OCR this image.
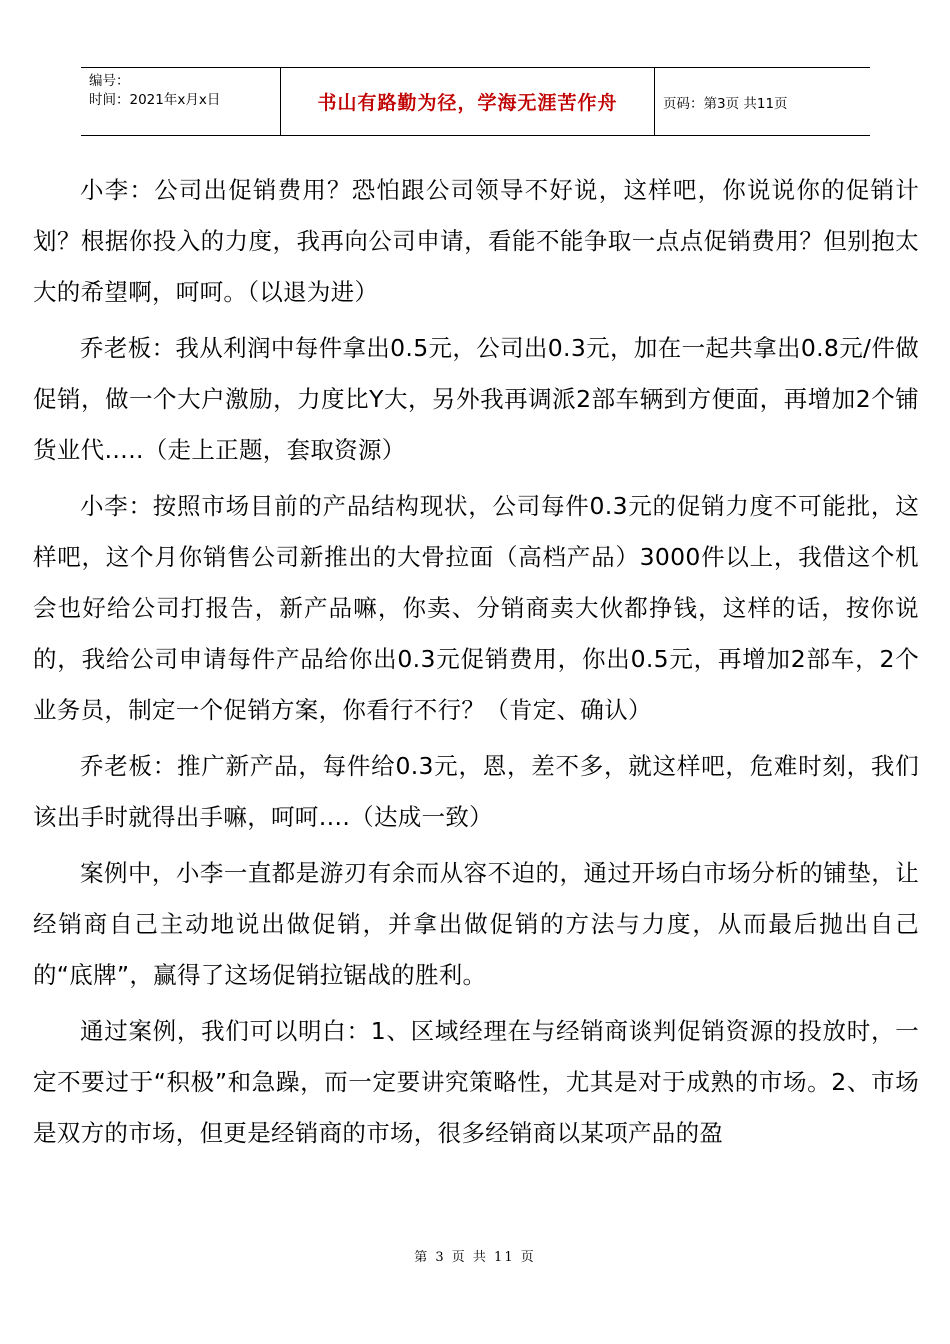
编号：
时间：2021年x月x日	书山有路勤为径，学海无涯苦作舟	页码：第3页 共11页

小李：公司出促销费用？恐怕跟公司领导不好说，这样吧，你说说你的促销计划？根据你投入的力度，我再向公司申请，看能不能争取一点点促销费用？但别抱太大的希望啊，呵呵。（以退为进）

乔老板：我从利润中每件拿出0.5元，公司出0.3元，加在一起共拿出0.8元/件做促销，做一个大户激励，力度比Y大，另外我再调派2部车辆到方便面，再增加2个铺货业代…..（走上正题，套取资源）

小李：按照市场目前的产品结构现状，公司每件0.3元的促销力度不可能批，这样吧，这个月你销售公司新推出的大骨拉面（高档产品）3000件以上，我借这个机会也好给公司打报告，新产品嘛，你卖、分销商卖大伙都挣钱，这样的话，按你说的，我给公司申请每件产品给你出0.3元促销费用，你出0.5元，再增加2部车，2个业务员，制定一个促销方案，你看行不行？（肯定、确认）

乔老板：推广新产品，每件给0.3元，恩，差不多，就这样吧，危难时刻，我们该出手时就得出手嘛，呵呵….（达成一致）

案例中，小李一直都是游刃有余而从容不迫的，通过开场白市场分析的铺垫，让经销商自己主动地说出做促销，并拿出做促销的方法与力度，从而最后抛出自己的“底牌”，赢得了这场促销拉锯战的胜利。

通过案例，我们可以明白：1、区域经理在与经销商谈判促销资源的投放时，一定不要过于“积极”和急躁，而一定要讲究策略性，尤其是对于成熟的市场。2、市场是双方的市场，但更是经销商的市场，很多经销商以某项产品的盈

第 3 页 共 11 页
